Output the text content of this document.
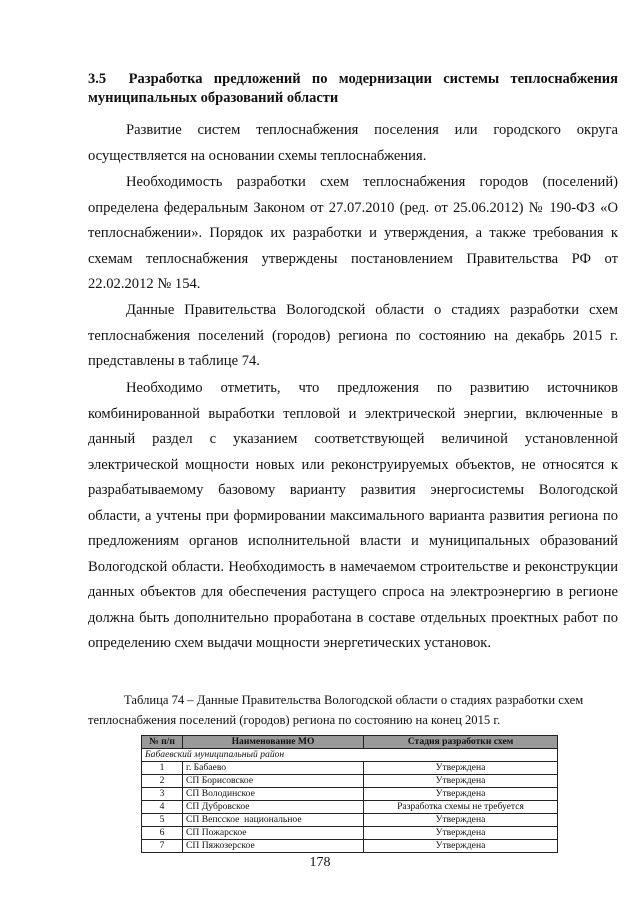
3.5 Разработка предложений по модернизации системы теплоснабжения муниципальных образований области

Развитие систем теплоснабжения поселения или городского округа осуществляется на основании схемы теплоснабжения.

Необходимость разработки схем теплоснабжения городов (поселений) определена федеральным Законом от 27.07.2010 (ред. от 25.06.2012) № 190-ФЗ «О теплоснабжении». Порядок их разработки и утверждения, а также требования к схемам теплоснабжения утверждены постановлением Правительства РФ от 22.02.2012 № 154.

Данные Правительства Вологодской области о стадиях разработки схем теплоснабжения поселений (городов) региона по состоянию на декабрь 2015 г. представлены в таблице 74.

Необходимо отметить, что предложения по развитию источников комбинированной выработки тепловой и электрической энергии, включенные в данный раздел с указанием соответствующей величиной установленной электрической мощности новых или реконструируемых объектов, не относятся к разрабатываемому базовому варианту развития энергосистемы Вологодской области, а учтены при формировании максимального варианта развития региона по предложениям органов исполнительной власти и муниципальных образований Вологодской области. Необходимость в намечаемом строительстве и реконструкции данных объектов для обеспечения растущего спроса на электроэнергию в регионе должна быть дополнительно проработана в составе отдельных проектных работ по определению схем выдачи мощности энергетических установок.

Таблица 74 – Данные Правительства Вологодской области о стадиях разработки схем теплоснабжения поселений (городов) региона по состоянию на конец 2015 г.

№ п/п	Наименование МО	Стадия разработки схем
Бабаевский муниципальный район		
1	г. Бабаево	Утверждена
2	СП Борисовское	Утверждена
3	СП Володинское	Утверждена
4	СП Дубровское	Разработка схемы не требуется
5	СП Вепсское  национальное	Утверждена
6	СП Пожарское	Утверждена
7	СП Пяжозерское	Утверждена
178
